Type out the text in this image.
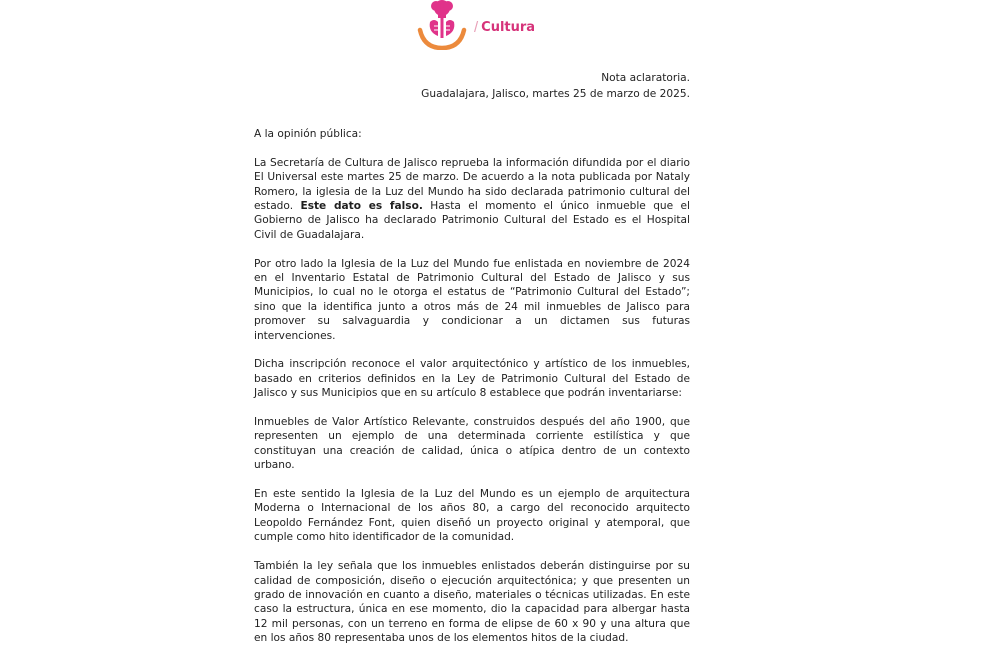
/ Cultura
Nota aclaratoria.
Guadalajara, Jalisco, martes 25 de marzo de 2025.

A la opinión pública:

La Secretaría de Cultura de Jalisco reprueba la información difundida por el diario El Universal este martes 25 de marzo. De acuerdo a la nota publicada por Nataly Romero, la iglesia de la Luz del Mundo ha sido declarada patrimonio cultural del estado. Este dato es falso. Hasta el momento el único inmueble que el Gobierno de Jalisco ha declarado Patrimonio Cultural del Estado es el Hospital Civil de Guadalajara.

Por otro lado la Iglesia de la Luz del Mundo fue enlistada en noviembre de 2024 en el Inventario Estatal de Patrimonio Cultural del Estado de Jalisco y sus Municipios, lo cual no le otorga el estatus de “Patrimonio Cultural del Estado”; sino que la identifica junto a otros más de 24 mil inmuebles de Jalisco para promover su salvaguardia y condicionar a un dictamen sus futuras intervenciones.

Dicha inscripción reconoce el valor arquitectónico y artístico de los inmuebles, basado en criterios definidos en la Ley de Patrimonio Cultural del Estado de Jalisco y sus Municipios que en su artículo 8 establece que podrán inventariarse:

Inmuebles de Valor Artístico Relevante, construidos después del año 1900, que representen un ejemplo de una determinada corriente estilística y que constituyan una creación de calidad, única o atípica dentro de un contexto urbano.

En este sentido la Iglesia de la Luz del Mundo es un ejemplo de arquitectura Moderna o Internacional de los años 80, a cargo del reconocido arquitecto Leopoldo Fernández Font, quien diseñó un proyecto original y atemporal, que cumple como hito identificador de la comunidad.

También la ley señala que los inmuebles enlistados deberán distinguirse por su calidad de composición, diseño o ejecución arquitectónica; y que presenten un grado de innovación en cuanto a diseño, materiales o técnicas utilizadas. En este caso la estructura, única en ese momento, dio la capacidad para albergar hasta 12 mil personas, con un terreno en forma de elipse de 60 x 90 y una altura que en los años 80 representaba unos de los elementos hitos de la ciudad.
